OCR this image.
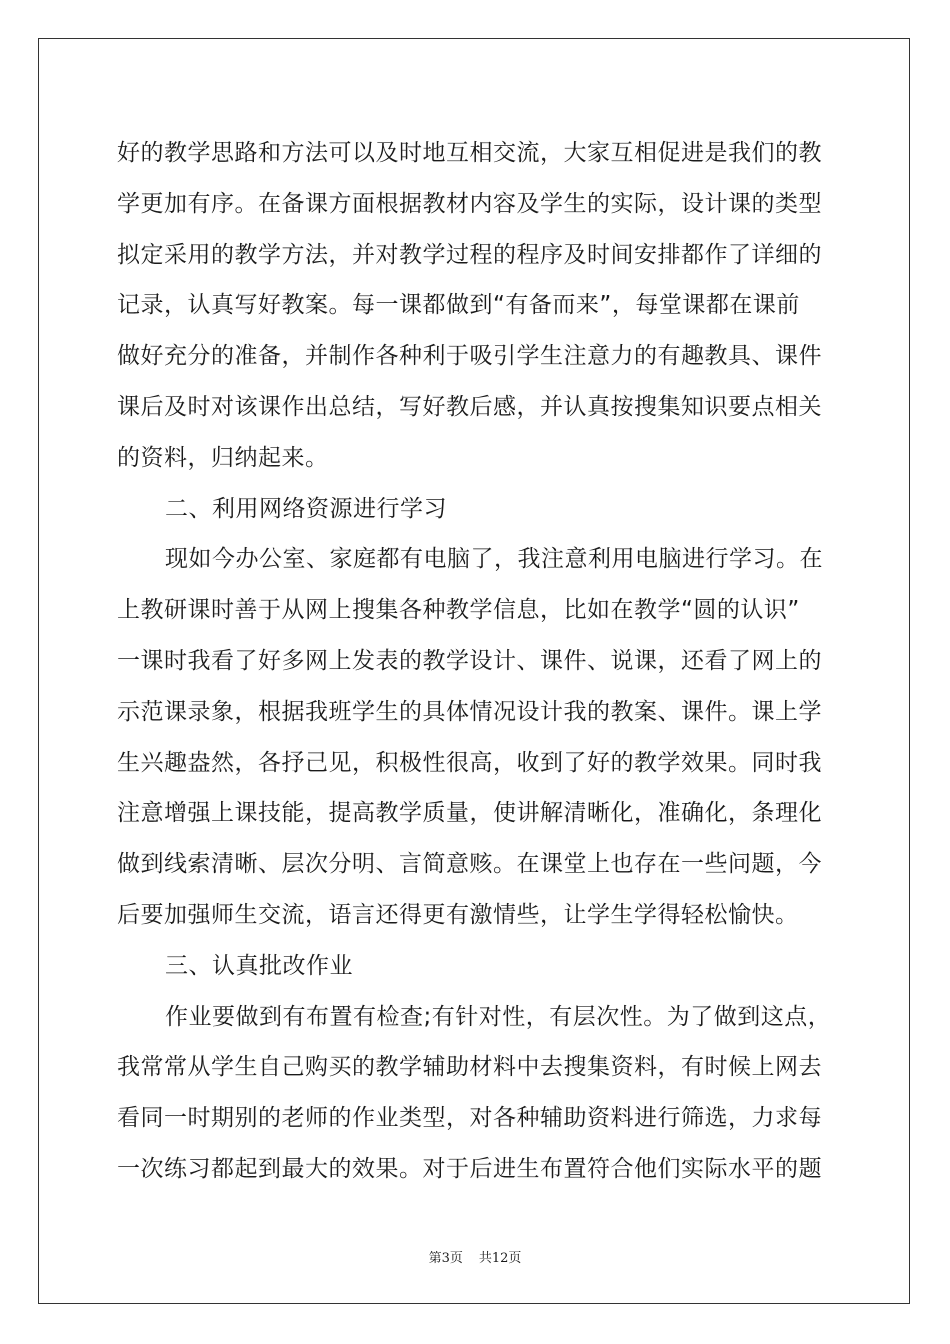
好的教学思路和方法可以及时地互相交流，大家互相促进是我们的教
学更加有序。在备课方面根据教材内容及学生的实际，设计课的类型
拟定采用的教学方法，并对教学过程的程序及时间安排都作了详细的
记录，认真写好教案。每一课都做到“有备而来”，每堂课都在课前
做好充分的准备，并制作各种利于吸引学生注意力的有趣教具、课件
课后及时对该课作出总结，写好教后感，并认真按搜集知识要点相关
的资料，归纳起来。
二、利用网络资源进行学习
现如今办公室、家庭都有电脑了，我注意利用电脑进行学习。在
上教研课时善于从网上搜集各种教学信息，比如在教学“圆的认识”
一课时我看了好多网上发表的教学设计、课件、说课，还看了网上的
示范课录象，根据我班学生的具体情况设计我的教案、课件。课上学
生兴趣盎然，各抒己见，积极性很高，收到了好的教学效果。同时我
注意增强上课技能，提高教学质量，使讲解清晰化，准确化，条理化
做到线索清晰、层次分明、言简意赅。在课堂上也存在一些问题，今
后要加强师生交流，语言还得更有激情些，让学生学得轻松愉快。
三、认真批改作业
作业要做到有布置有检查;有针对性，有层次性。为了做到这点，
我常常从学生自己购买的教学辅助材料中去搜集资料，有时候上网去
看同一时期别的老师的作业类型，对各种辅助资料进行筛选，力求每
一次练习都起到最大的效果。对于后进生布置符合他们实际水平的题
第3页 共12页
